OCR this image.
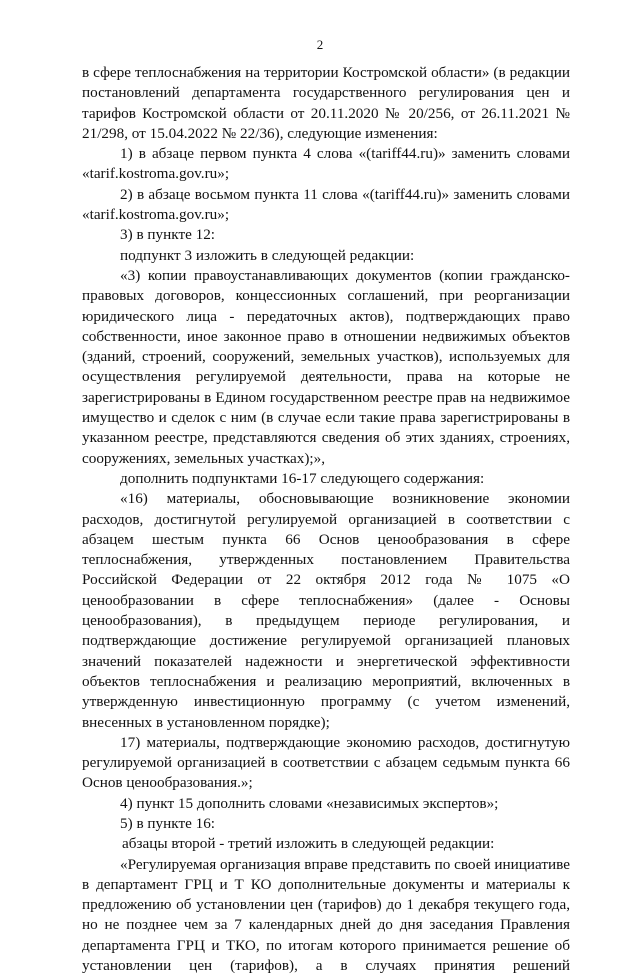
2

в сфере теплоснабжения на территории Костромской области» (в редакции постановлений департамента государственного регулирования цен и тарифов Костромской области от 20.11.2020 № 20/256, от 26.11.2021 № 21/298, от 15.04.2022 № 22/36), следующие изменения:

1) в абзаце первом пункта 4 слова «(tariff44.ru)» заменить словами «tarif.kostroma.gov.ru»;

2) в абзаце восьмом пункта 11 слова «(tariff44.ru)» заменить словами «tarif.kostroma.gov.ru»;

3) в пункте 12:

подпункт 3 изложить в следующей редакции:

«3) копии правоустанавливающих документов (копии гражданско-правовых договоров, концессионных соглашений, при реорганизации юридического лица - передаточных актов), подтверждающих право собственности, иное законное право в отношении недвижимых объектов (зданий, строений, сооружений, земельных участков), используемых для осуществления регулируемой деятельности, права на которые не зарегистрированы в Едином государственном реестре прав на недвижимое имущество и сделок с ним (в случае если такие права зарегистрированы в указанном реестре, представляются сведения об этих зданиях, строениях, сооружениях, земельных участках);»,

дополнить подпунктами 16-17 следующего содержания:

«16) материалы, обосновывающие возникновение экономии расходов, достигнутой регулируемой организацией в соответствии с абзацем шестым пункта 66 Основ ценообразования в сфере теплоснабжения, утвержденных постановлением Правительства Российской Федерации от 22 октября 2012 года № 1075 «О ценообразовании в сфере теплоснабжения» (далее - Основы ценообразования), в предыдущем периоде регулирования, и подтверждающие достижение регулируемой организацией плановых значений показателей надежности и энергетической эффективности объектов теплоснабжения и реализацию мероприятий, включенных в утвержденную инвестиционную программу (с учетом изменений, внесенных в установленном порядке);

17) материалы, подтверждающие экономию расходов, достигнутую регулируемой организацией в соответствии с абзацем седьмым пункта 66 Основ ценообразования.»;

4) пункт 15 дополнить словами «независимых экспертов»;

5) в пункте 16:

абзацы второй - третий изложить в следующей редакции:

«Регулируемая организация вправе представить по своей инициативе в департамент ГРЦ и Т КО дополнительные документы и материалы к предложению об установлении цен (тарифов) до 1 декабря текущего года, но не позднее чем за 7 календарных дней до дня заседания Правления департамента ГРЦ и ТКО, по итогам которого принимается решение об установлении цен (тарифов), а в случаях принятия решений
